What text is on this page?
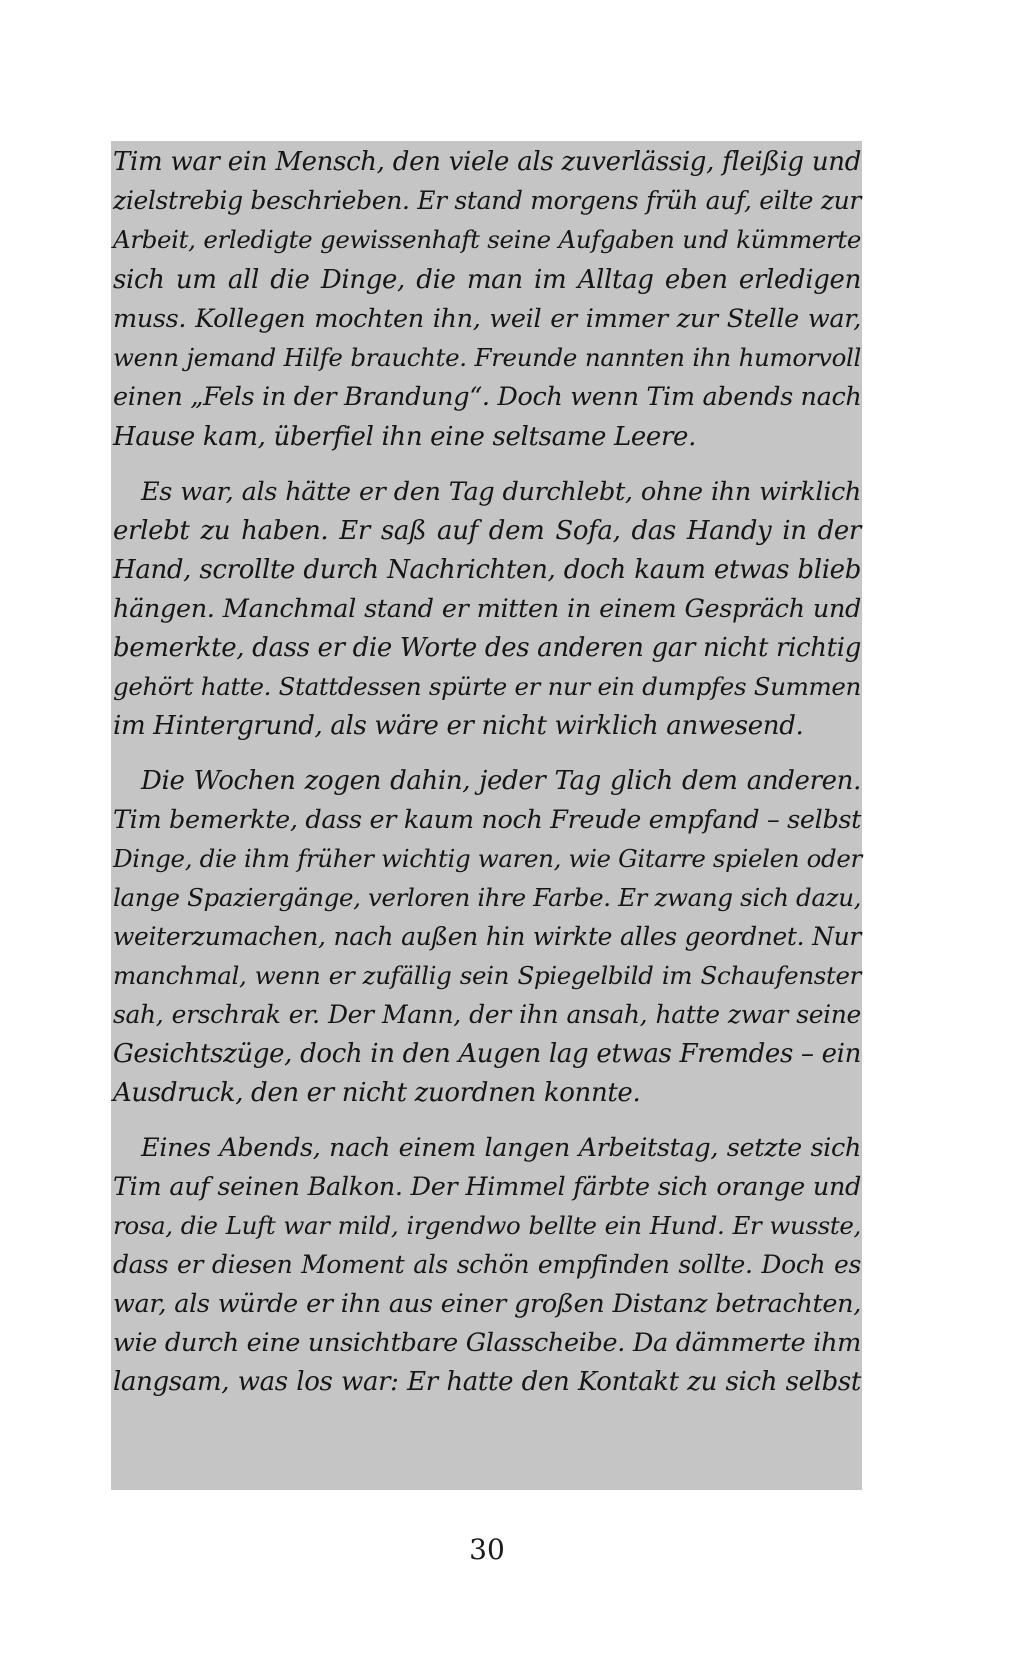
Tim war ein Mensch, den viele als zuverlässig, fleißig und
zielstrebig beschrieben. Er stand morgens früh auf, eilte zur
Arbeit, erledigte gewissenhaft seine Aufgaben und kümmerte
sich um all die Dinge, die man im Alltag eben erledigen
muss. Kollegen mochten ihn, weil er immer zur Stelle war,
wenn jemand Hilfe brauchte. Freunde nannten ihn humorvoll
einen „Fels in der Brandung“. Doch wenn Tim abends nach
Hause kam, überfiel ihn eine seltsame Leere.
Es war, als hätte er den Tag durchlebt, ohne ihn wirklich
erlebt zu haben. Er saß auf dem Sofa, das Handy in der
Hand, scrollte durch Nachrichten, doch kaum etwas blieb
hängen. Manchmal stand er mitten in einem Gespräch und
bemerkte, dass er die Worte des anderen gar nicht richtig
gehört hatte. Stattdessen spürte er nur ein dumpfes Summen
im Hintergrund, als wäre er nicht wirklich anwesend.
Die Wochen zogen dahin, jeder Tag glich dem anderen.
Tim bemerkte, dass er kaum noch Freude empfand – selbst
Dinge, die ihm früher wichtig waren, wie Gitarre spielen oder
lange Spaziergänge, verloren ihre Farbe. Er zwang sich dazu,
weiterzumachen, nach außen hin wirkte alles geordnet. Nur
manchmal, wenn er zufällig sein Spiegelbild im Schaufenster
sah, erschrak er. Der Mann, der ihn ansah, hatte zwar seine
Gesichtszüge, doch in den Augen lag etwas Fremdes – ein
Ausdruck, den er nicht zuordnen konnte.
Eines Abends, nach einem langen Arbeitstag, setzte sich
Tim auf seinen Balkon. Der Himmel färbte sich orange und
rosa, die Luft war mild, irgendwo bellte ein Hund. Er wusste,
dass er diesen Moment als schön empfinden sollte. Doch es
war, als würde er ihn aus einer großen Distanz betrachten,
wie durch eine unsichtbare Glasscheibe. Da dämmerte ihm
langsam, was los war: Er hatte den Kontakt zu sich selbst
30
